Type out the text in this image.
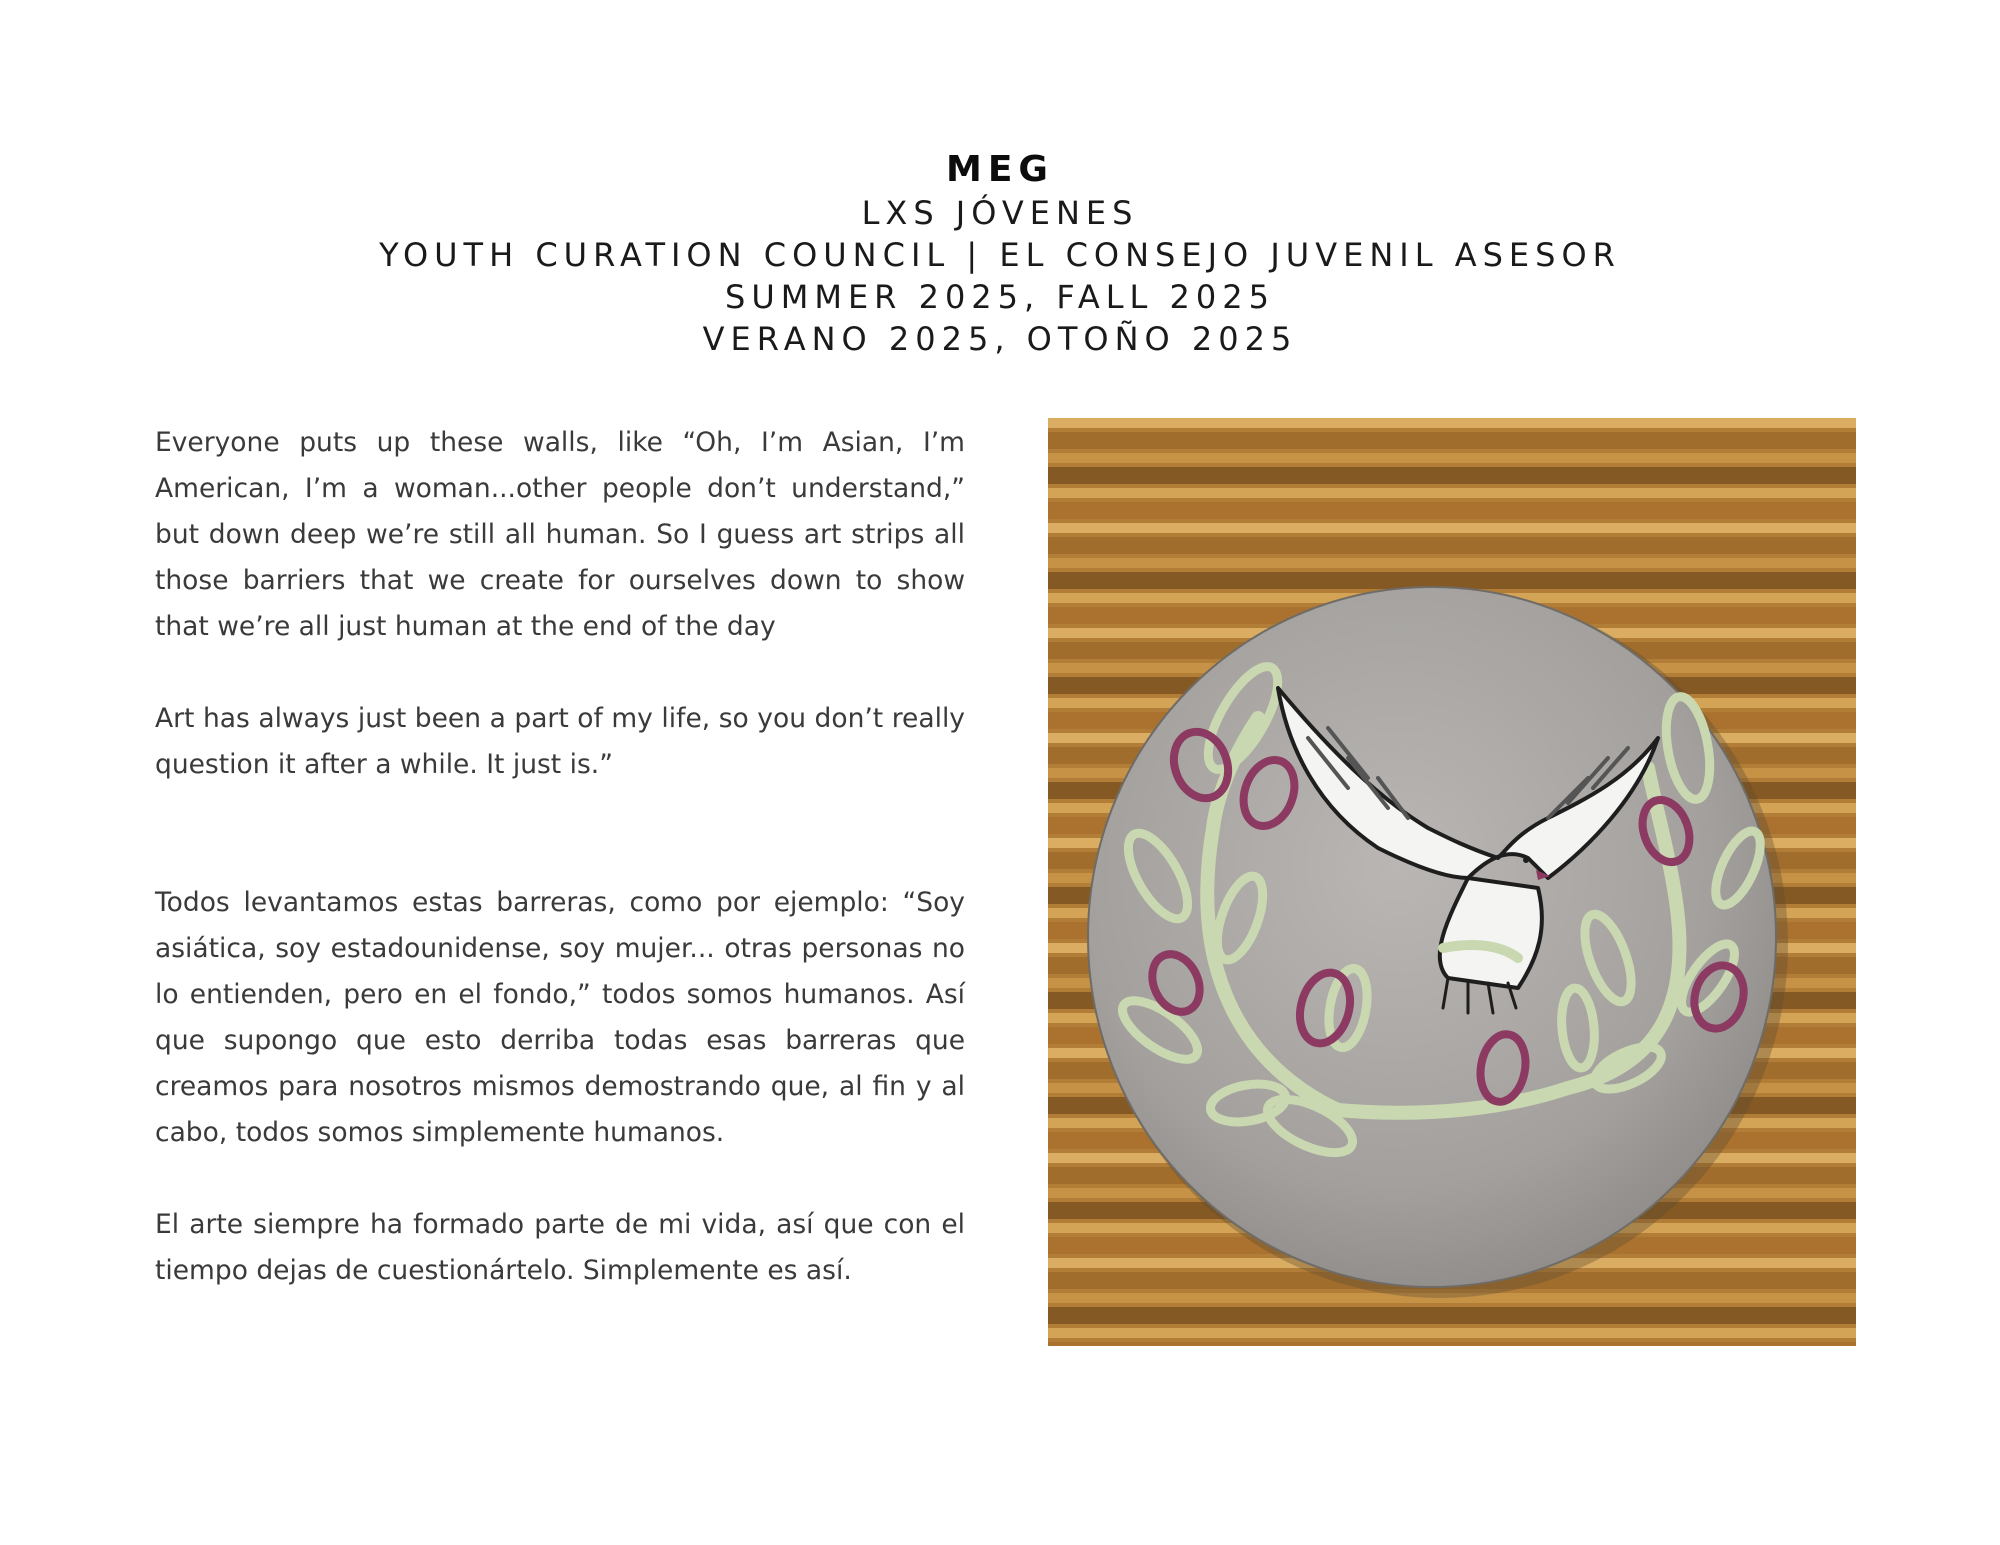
MEG
LXS JÓVENES
YOUTH CURATION COUNCIL | EL CONSEJO JUVENIL ASESOR
SUMMER 2025, FALL 2025
VERANO 2025, OTOÑO 2025

Everyone puts up these walls, like “Oh, I’m Asian, I’m American, I’m a woman...other people don’t understand,” but down deep we’re still all human. So I guess art strips all those barriers that we create for ourselves down to show that we’re all just human at the end of the day

Art has always just been a part of my life, so you don’t really question it after a while. It just is.”

Todos levantamos estas barreras, como por ejemplo: “Soy asiática, soy estadounidense, soy mujer... otras personas no lo entienden, pero en el fondo,” todos somos humanos. Así que supongo que esto derriba todas esas barreras que creamos para nosotros mismos demostrando que, al fin y al cabo, todos somos simplemente humanos.

El arte siempre ha formado parte de mi vida, así que con el tiempo dejas de cuestionártelo. Simplemente es así.
